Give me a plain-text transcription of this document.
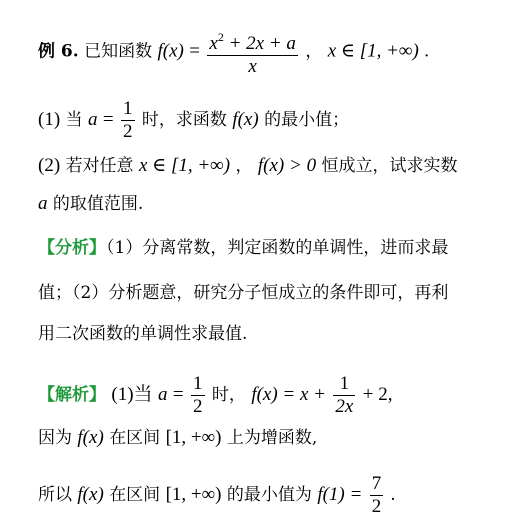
例 6. 已知函数 $f(x) = \frac{x^2 + 2x + a}{x}$ ， x ∈ [1, +∞) .
(1) 当 $a = \frac{1}{2}$ 时，求函数 f(x) 的最小值；
(2) 若对任意 x ∈ [1, +∞) ， f(x) > 0 恒成立，试求实数
a 的取值范围.
【分析】（1）分离常数，判定函数的单调性，进而求最
值；（2）分析题意，研究分子恒成立的条件即可，再利
用二次函数的单调性求最值.
【解析】 (1)当 $a = \frac{1}{2}$ 时， $f(x) = x + \frac{1}{2x} + 2$,
因为 f(x) 在区间 [1, +∞) 上为增函数,
所以 f(x) 在区间 [1, +∞) 的最小值为 $f(1) = \frac{7}{2}$ .
